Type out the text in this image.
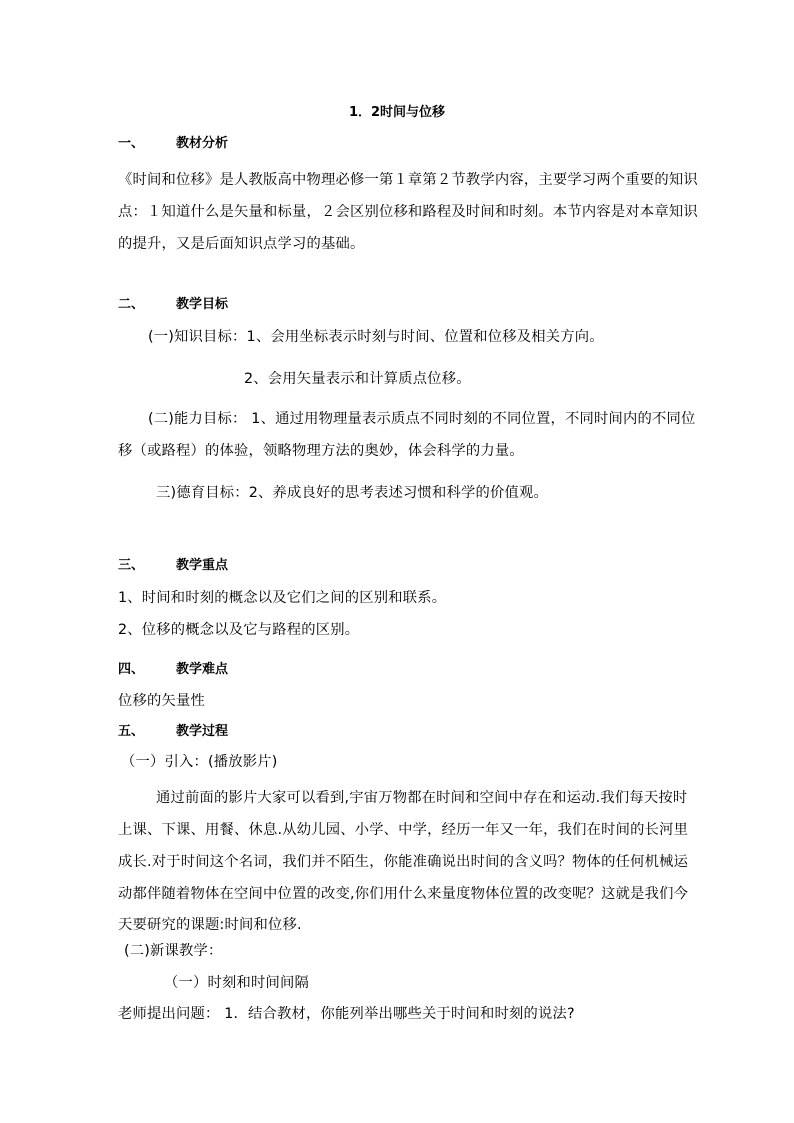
1．2时间与位移
一、 教材分析
《时间和位移》是人教版高中物理必修一第１章第２节教学内容，主要学习两个重要的知识
点：１知道什么是矢量和标量，２会区别位移和路程及时间和时刻。本节内容是对本章知识
的提升，又是后面知识点学习的基础。
二、 教学目标
(一)知识目标：1、会用坐标表示时刻与时间、位置和位移及相关方向。
2、会用矢量表示和计算质点位移。
(二)能力目标： 1、通过用物理量表示质点不同时刻的不同位置，不同时间内的不同位
移（或路程）的体验，领略物理方法的奥妙，体会科学的力量。
三)德育目标：2、养成良好的思考表述习惯和科学的价值观。
三、 教学重点
1、时间和时刻的概念以及它们之间的区别和联系。
2、位移的概念以及它与路程的区别。
四、 教学难点
位移的矢量性
五、 教学过程
（一）引入：(播放影片)
通过前面的影片大家可以看到,宇宙万物都在时间和空间中存在和运动.我们每天按时
上课、下课、用餐、休息.从幼儿园、小学、中学，经历一年又一年，我们在时间的长河里
成长.对于时间这个名词，我们并不陌生，你能准确说出时间的含义吗？物体的任何机械运
动都伴随着物体在空间中位置的改变,你们用什么来量度物体位置的改变呢？这就是我们今
天要研究的课题:时间和位移.
(二)新课教学：
（一）时刻和时间间隔
老师提出问题： 1．结合教材，你能列举出哪些关于时间和时刻的说法?
